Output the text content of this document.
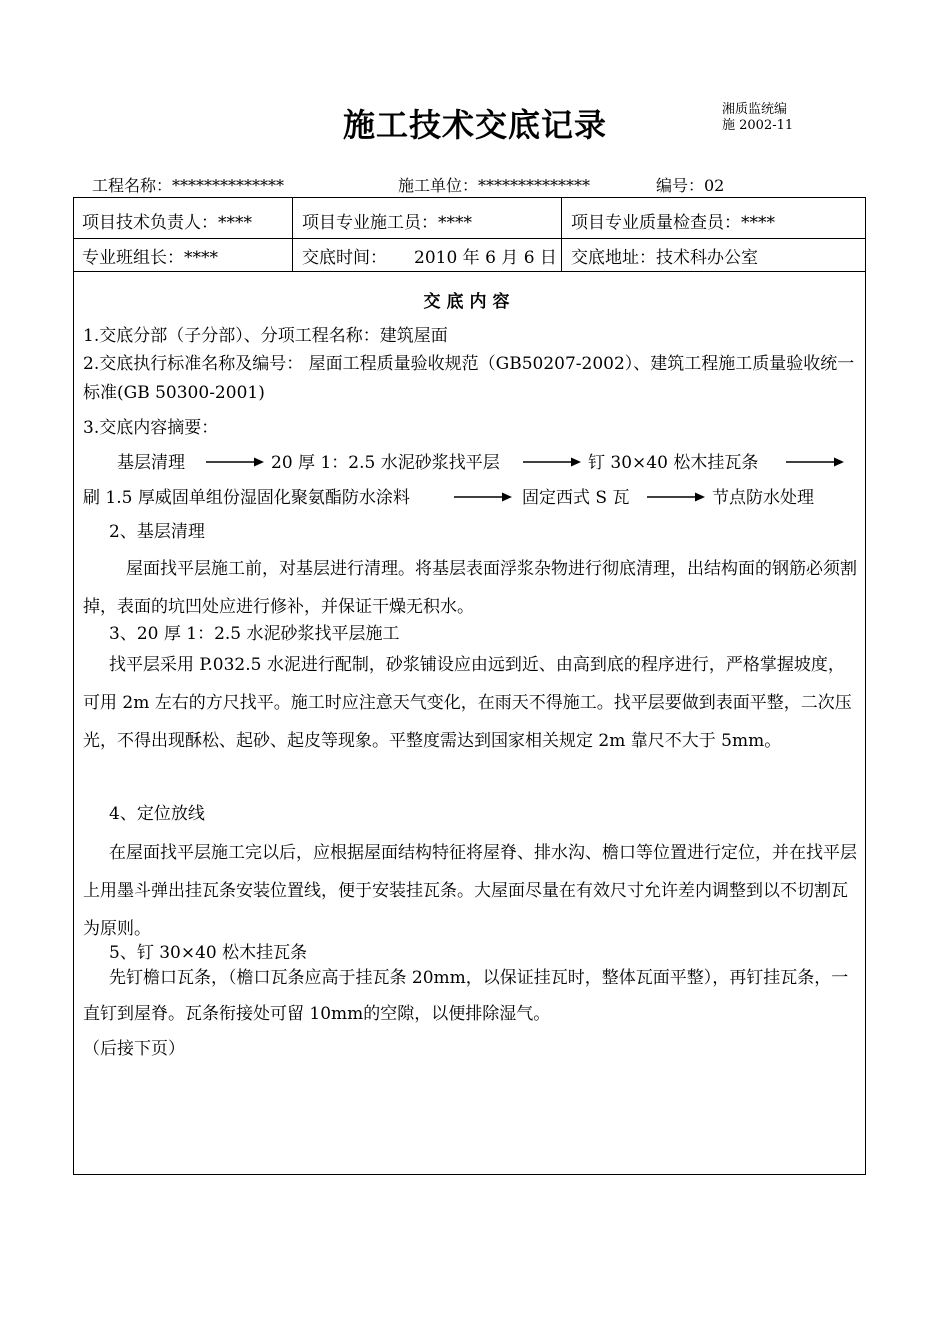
施工技术交底记录	湘质监统编
施 2002-11
工程名称：**************	施工单位：**************	编号：02
项目技术负责人：****	项目专业施工员：****	项目专业质量检查员：****
专业班组长：****	交底时间： 2010 年 6 月 6 日 交底地址：技术科办公室
交底内容
1.交底分部（子分部）、分项工程名称：建筑屋面
2.交底执行标准名称及编号： 屋面工程质量验收规范（GB50207-2002）、建筑工程施工质量验收统一标准(GB 50300-2001)
3.交底内容摘要：
基层清理	20 厚 1：2.5 水泥砂浆找平层	钉 30×40 松木挂瓦条
刷 1.5 厚威固单组份湿固化聚氨酯防水涂料	固定西式 S 瓦	节点防水处理
2、基层清理
屋面找平层施工前，对基层进行清理。将基层表面浮浆杂物进行彻底清理，出结构面的钢筋必须割掉，表面的坑凹处应进行修补，并保证干燥无积水。
3、20 厚 1：2.5 水泥砂浆找平层施工
找平层采用 P.032.5 水泥进行配制，砂浆铺设应由远到近、由高到底的程序进行，严格掌握坡度，可用 2m 左右的方尺找平。施工时应注意天气变化，在雨天不得施工。找平层要做到表面平整，二次压光，不得出现酥松、起砂、起皮等现象。平整度需达到国家相关规定 2m 靠尺不大于 5mm。
4、定位放线
在屋面找平层施工完以后，应根据屋面结构特征将屋脊、排水沟、檐口等位置进行定位，并在找平层上用墨斗弹出挂瓦条安装位置线，便于安装挂瓦条。大屋面尽量在有效尺寸允许差内调整到以不切割瓦为原则。
5、钉 30×40 松木挂瓦条
先钉檐口瓦条，（檐口瓦条应高于挂瓦条 20mm，以保证挂瓦时，整体瓦面平整），再钉挂瓦条，一直钉到屋脊。瓦条衔接处可留 10mm的空隙，以便排除湿气。
（后接下页）
